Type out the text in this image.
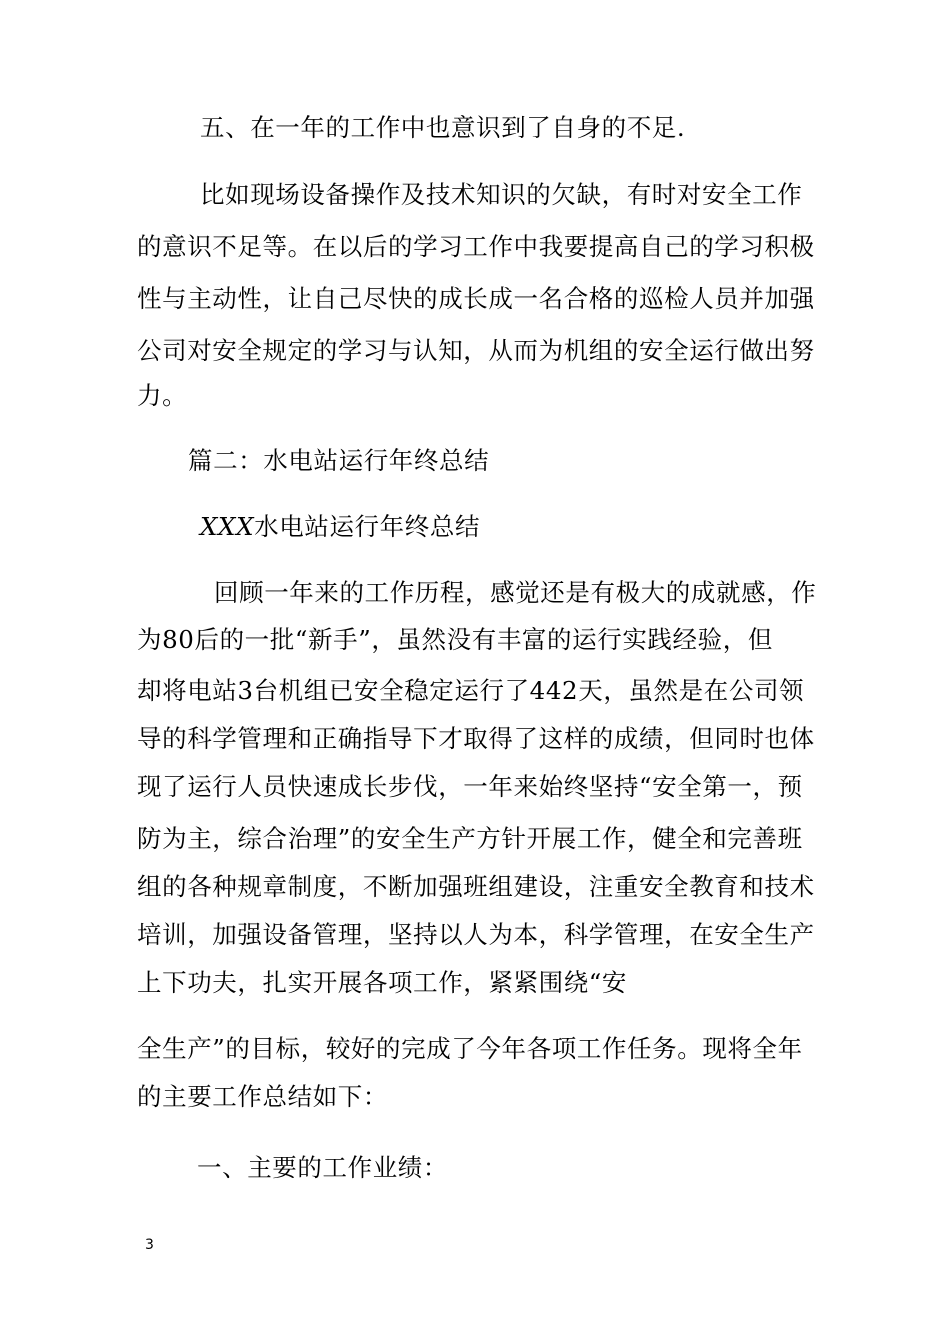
五、在一年的工作中也意识到了自身的不足.
比如现场设备操作及技术知识的欠缺，有时对安全工作
的意识不足等。在以后的学习工作中我要提高自己的学习积极
性与主动性，让自己尽快的成长成一名合格的巡检人员并加强
公司对安全规定的学习与认知，从而为机组的安全运行做出努
力。
篇二：水电站运行年终总结
XXX水电站运行年终总结
回顾一年来的工作历程，感觉还是有极大的成就感，作
为80后的一批“新手”，虽然没有丰富的运行实践经验，但
却将电站3台机组已安全稳定运行了442天，虽然是在公司领
导的科学管理和正确指导下才取得了这样的成绩，但同时也体
现了运行人员快速成长步伐，一年来始终坚持“安全第一，预
防为主，综合治理”的安全生产方针开展工作，健全和完善班
组的各种规章制度，不断加强班组建设，注重安全教育和技术
培训，加强设备管理，坚持以人为本，科学管理，在安全生产
上下功夫，扎实开展各项工作，紧紧围绕“安
全生产”的目标，较好的完成了今年各项工作任务。现将全年
的主要工作总结如下：
一、主要的工作业绩：
3
